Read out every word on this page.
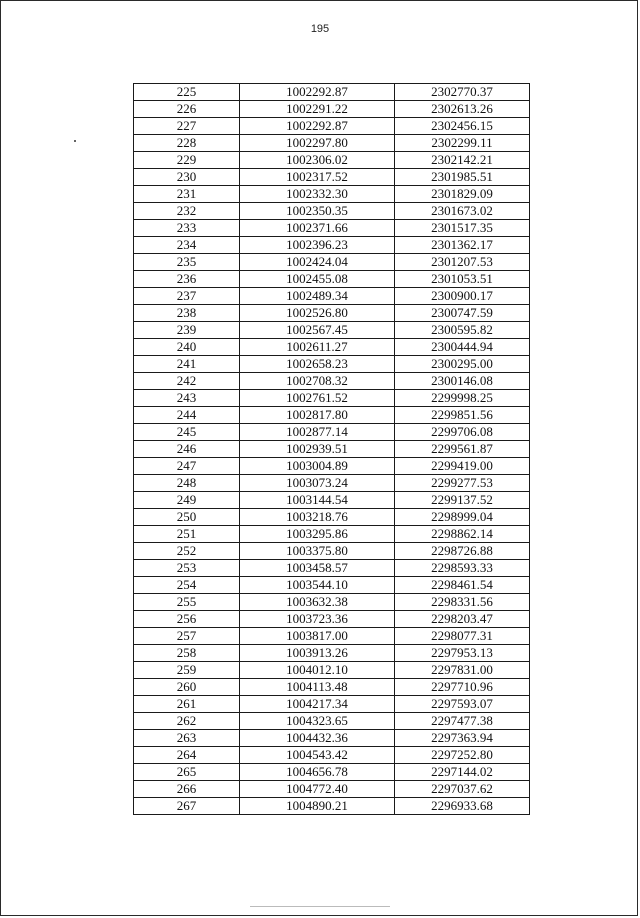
195
225	1002292.87	2302770.37
226	1002291.22	2302613.26
227	1002292.87	2302456.15
228	1002297.80	2302299.11
229	1002306.02	2302142.21
230	1002317.52	2301985.51
231	1002332.30	2301829.09
232	1002350.35	2301673.02
233	1002371.66	2301517.35
234	1002396.23	2301362.17
235	1002424.04	2301207.53
236	1002455.08	2301053.51
237	1002489.34	2300900.17
238	1002526.80	2300747.59
239	1002567.45	2300595.82
240	1002611.27	2300444.94
241	1002658.23	2300295.00
242	1002708.32	2300146.08
243	1002761.52	2299998.25
244	1002817.80	2299851.56
245	1002877.14	2299706.08
246	1002939.51	2299561.87
247	1003004.89	2299419.00
248	1003073.24	2299277.53
249	1003144.54	2299137.52
250	1003218.76	2298999.04
251	1003295.86	2298862.14
252	1003375.80	2298726.88
253	1003458.57	2298593.33
254	1003544.10	2298461.54
255	1003632.38	2298331.56
256	1003723.36	2298203.47
257	1003817.00	2298077.31
258	1003913.26	2297953.13
259	1004012.10	2297831.00
260	1004113.48	2297710.96
261	1004217.34	2297593.07
262	1004323.65	2297477.38
263	1004432.36	2297363.94
264	1004543.42	2297252.80
265	1004656.78	2297144.02
266	1004772.40	2297037.62
267	1004890.21	2296933.68
